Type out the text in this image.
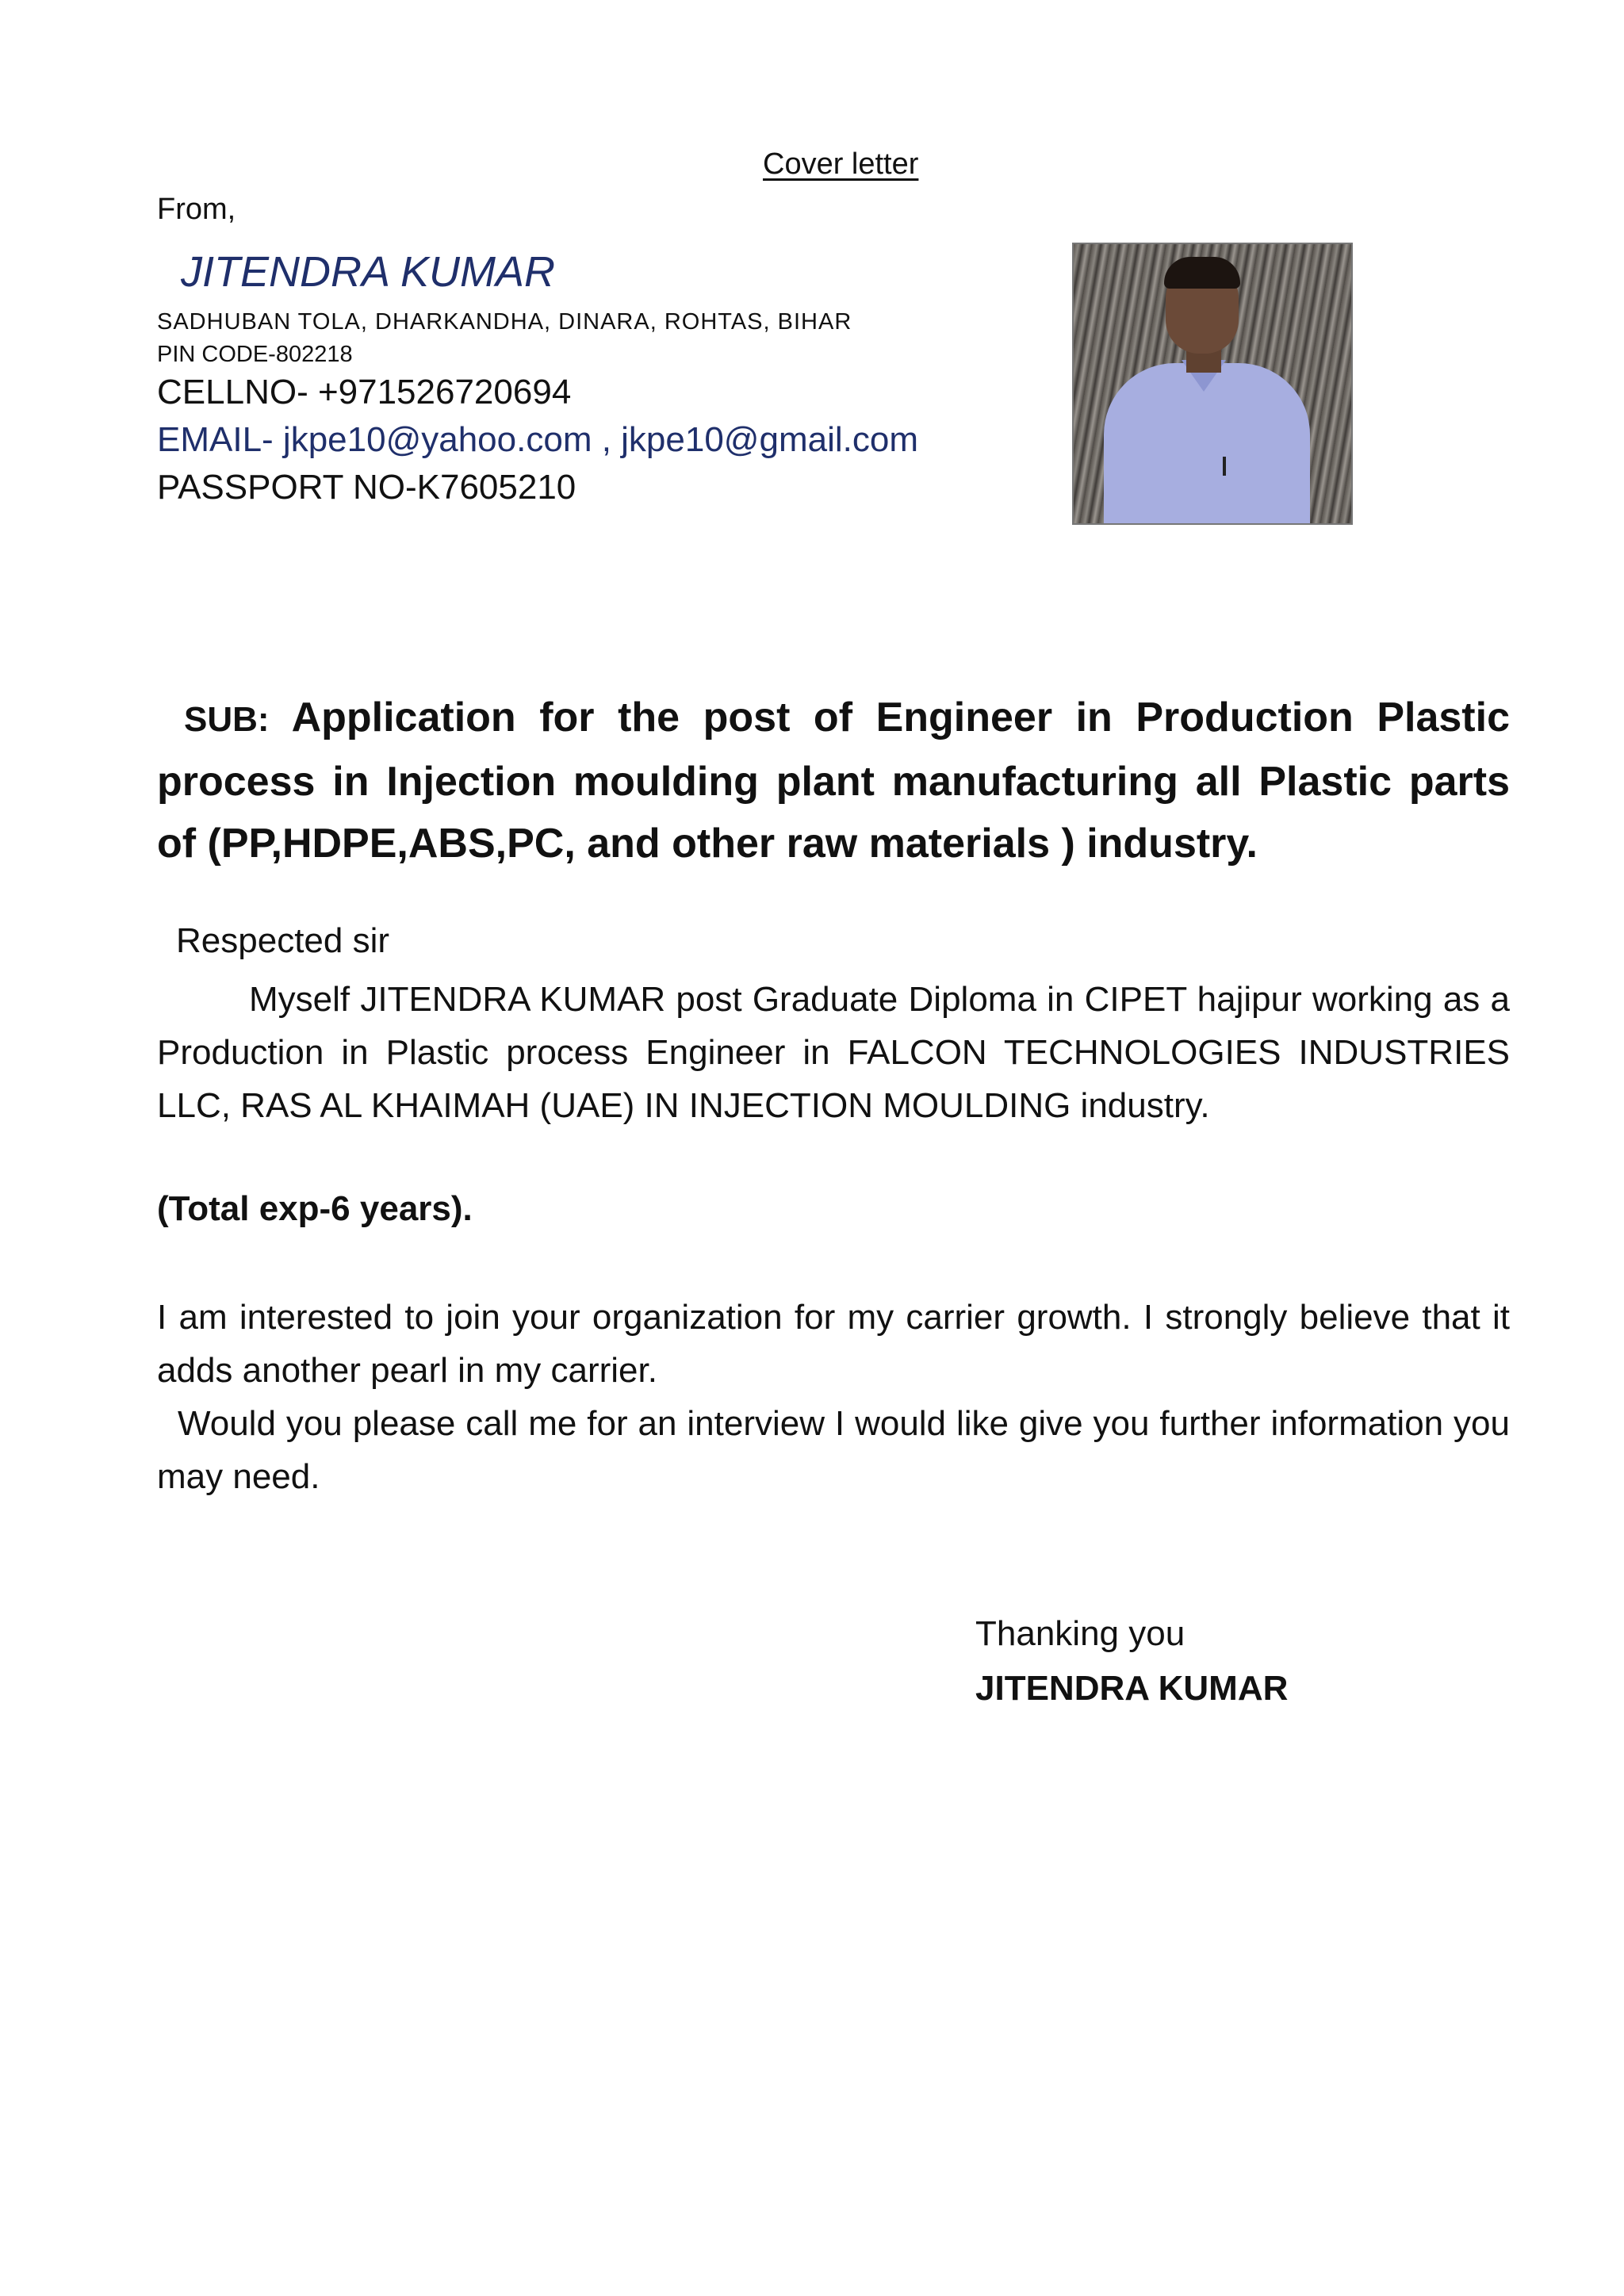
Cover letter
From,
JITENDRA KUMAR
SADHUBAN TOLA, DHARKANDHA, DINARA, ROHTAS, BIHAR
PIN CODE-802218
CELLNO- +971526720694
EMAIL- jkpe10@yahoo.com , jkpe10@gmail.com
PASSPORT NO-K7605210

SUB: Application for the post of Engineer in Production Plastic process in Injection moulding plant manufacturing all Plastic parts of (PP,HDPE,ABS,PC, and other raw materials ) industry.

Respected sir

Myself JITENDRA KUMAR post Graduate Diploma in CIPET hajipur working as a Production in Plastic process Engineer in FALCON TECHNOLOGIES INDUSTRIES LLC, RAS AL KHAIMAH (UAE) IN INJECTION MOULDING industry.

(Total exp-6 years).

I am interested to join your organization for my carrier growth. I strongly believe that it adds another pearl in my carrier.

Would you please call me for an interview I would like give you further information you may need.

Thanking you
JITENDRA KUMAR
